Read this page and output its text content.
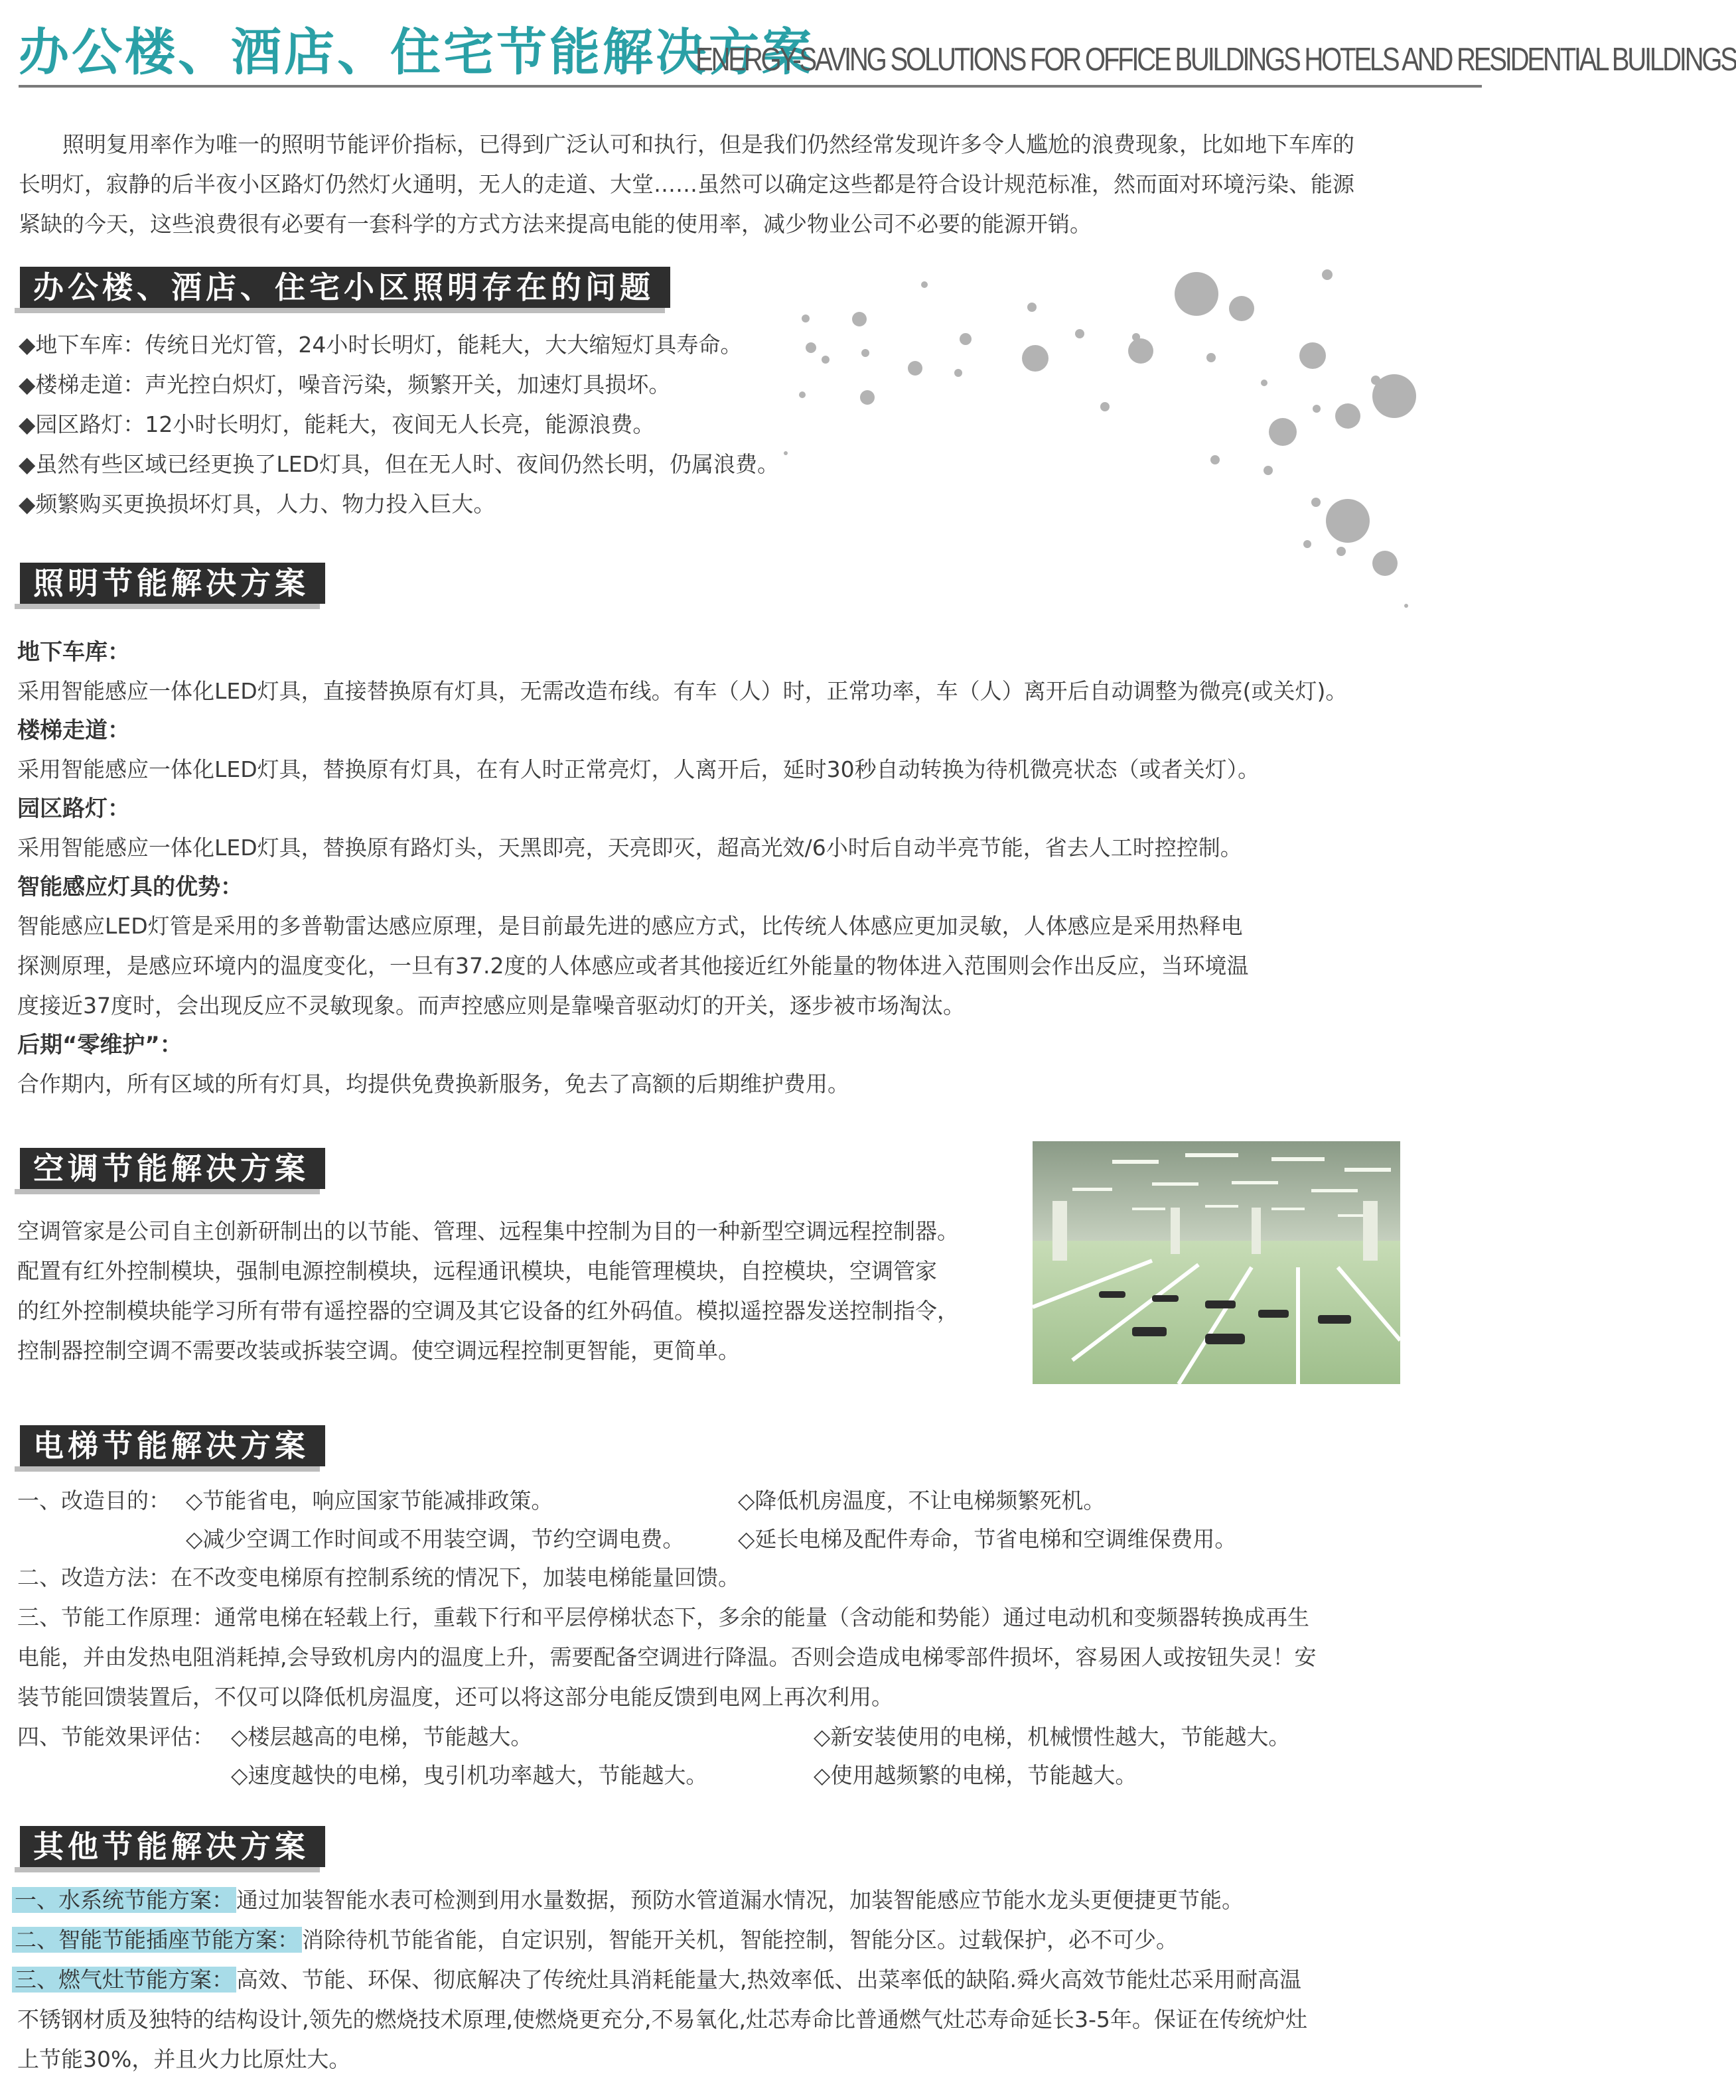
办公楼、酒店、住宅节能解决方案
ENERGY-SAVING SOLUTIONS FOR OFFICE BUILDINGS HOTELS AND RESIDENTIAL BUILDINGS
照明复用率作为唯一的照明节能评价指标，已得到广泛认可和执行，但是我们仍然经常发现许多令人尴尬的浪费现象，比如地下车库的
长明灯，寂静的后半夜小区路灯仍然灯火通明，无人的走道、大堂……虽然可以确定这些都是符合设计规范标准，然而面对环境污染、能源
紧缺的今天，这些浪费很有必要有一套科学的方式方法来提高电能的使用率，减少物业公司不必要的能源开销。
办公楼、酒店、住宅小区照明存在的问题
◆地下车库：传统日光灯管，24小时长明灯，能耗大，大大缩短灯具寿命。
◆楼梯走道：声光控白炽灯，噪音污染，频繁开关，加速灯具损坏。
◆园区路灯：12小时长明灯，能耗大，夜间无人长亮，能源浪费。
◆虽然有些区域已经更换了LED灯具，但在无人时、夜间仍然长明，仍属浪费。
◆频繁购买更换损坏灯具，人力、物力投入巨大。
照明节能解决方案
地下车库：
采用智能感应一体化LED灯具，直接替换原有灯具，无需改造布线。有车（人）时，正常功率，车（人）离开后自动调整为微亮(或关灯)。
楼梯走道：
采用智能感应一体化LED灯具，替换原有灯具，在有人时正常亮灯，人离开后，延时30秒自动转换为待机微亮状态（或者关灯）。
园区路灯：
采用智能感应一体化LED灯具，替换原有路灯头，天黑即亮，天亮即灭，超高光效/6小时后自动半亮节能，省去人工时控控制。
智能感应灯具的优势：
智能感应LED灯管是采用的多普勒雷达感应原理，是目前最先进的感应方式，比传统人体感应更加灵敏，人体感应是采用热释电
探测原理，是感应环境内的温度变化，一旦有37.2度的人体感应或者其他接近红外能量的物体进入范围则会作出反应，当环境温
度接近37度时，会出现反应不灵敏现象。而声控感应则是靠噪音驱动灯的开关，逐步被市场淘汰。
后期“零维护”：
合作期内，所有区域的所有灯具，均提供免费换新服务，免去了高额的后期维护费用。
空调节能解决方案
空调管家是公司自主创新研制出的以节能、管理、远程集中控制为目的一种新型空调远程控制器。
配置有红外控制模块，强制电源控制模块，远程通讯模块，电能管理模块，自控模块，空调管家
的红外控制模块能学习所有带有遥控器的空调及其它设备的红外码值。模拟遥控器发送控制指令，
控制器控制空调不需要改装或拆装空调。使空调远程控制更智能，更简单。
电梯节能解决方案
一、改造目的： ◇节能省电，响应国家节能减排政策。	◇降低机房温度，不让电梯频繁死机。
◇减少空调工作时间或不用装空调，节约空调电费。 ◇延长电梯及配件寿命，节省电梯和空调维保费用。
二、改造方法：在不改变电梯原有控制系统的情况下，加装电梯能量回馈。
三、节能工作原理：通常电梯在轻载上行，重载下行和平层停梯状态下，多余的能量（含动能和势能）通过电动机和变频器转换成再生
电能，并由发热电阻消耗掉,会导致机房内的温度上升，需要配备空调进行降温。否则会造成电梯零部件损坏，容易困人或按钮失灵！安
装节能回馈装置后，不仅可以降低机房温度，还可以将这部分电能反馈到电网上再次利用。
四、节能效果评估： ◇楼层越高的电梯，节能越大。	◇新安装使用的电梯，机械惯性越大，节能越大。
◇速度越快的电梯，曳引机功率越大，节能越大。	◇使用越频繁的电梯，节能越大。
其他节能解决方案
一、水系统节能方案： 通过加装智能水表可检测到用水量数据，预防水管道漏水情况，加装智能感应节能水龙头更便捷更节能。
二、智能节能插座节能方案： 消除待机节能省能，自定识别，智能开关机，智能控制，智能分区。过载保护，必不可少。
三、燃气灶节能方案： 高效、节能、环保、彻底解决了传统灶具消耗能量大,热效率低、出菜率低的缺陷.舜火高效节能灶芯采用耐高温
不锈钢材质及独特的结构设计,领先的燃烧技术原理,使燃烧更充分,不易氧化,灶芯寿命比普通燃气灶芯寿命延长3-5年。保证在传统炉灶
上节能30%，并且火力比原灶大。
